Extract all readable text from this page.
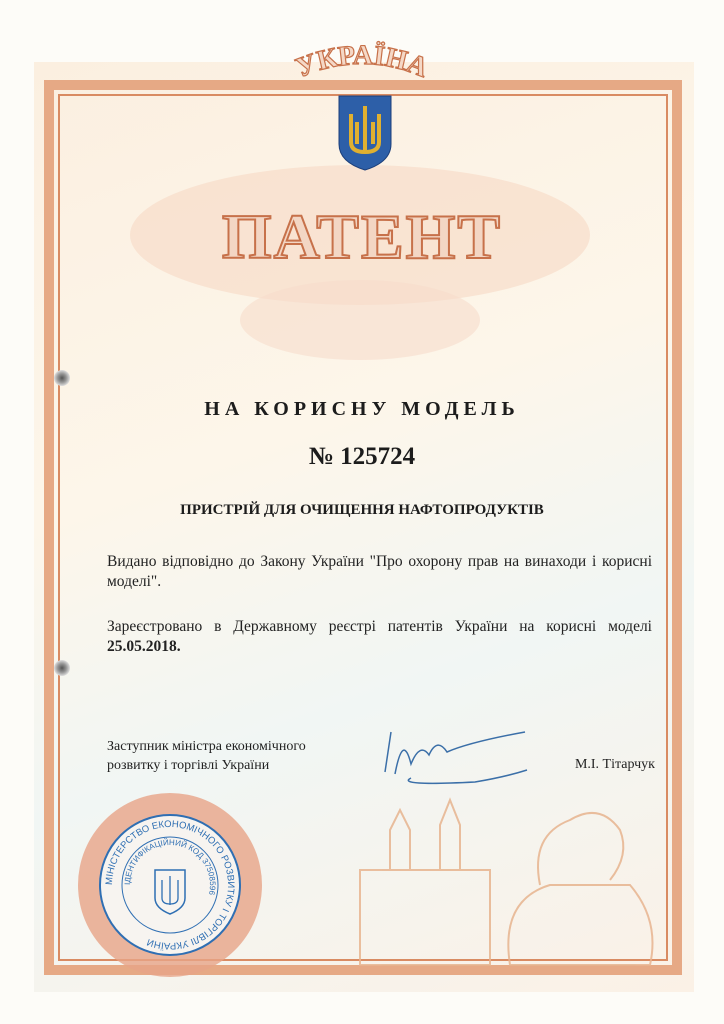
УКРАЇНА
ПАТЕНТ
НА КОРИСНУ МОДЕЛЬ
№ 125724
ПРИСТРІЙ ДЛЯ ОЧИЩЕННЯ НАФТОПРОДУКТІВ
Видано відповідно до Закону України "Про охорону прав на винаходи і корисні моделі".
Зареєстровано в Державному реєстрі патентів України на корисні моделі 25.05.2018.
Заступник міністра економічного
розвитку і торгівлі України	М.І. Тітарчук
МІНІСТЕРСТВО ЕКОНОМІЧНОГО РОЗВИТКУ І ТОРГІВЛІ УКРАЇНИ
ІДЕНТИФІКАЦІЙНИЙ КОД 37508596
